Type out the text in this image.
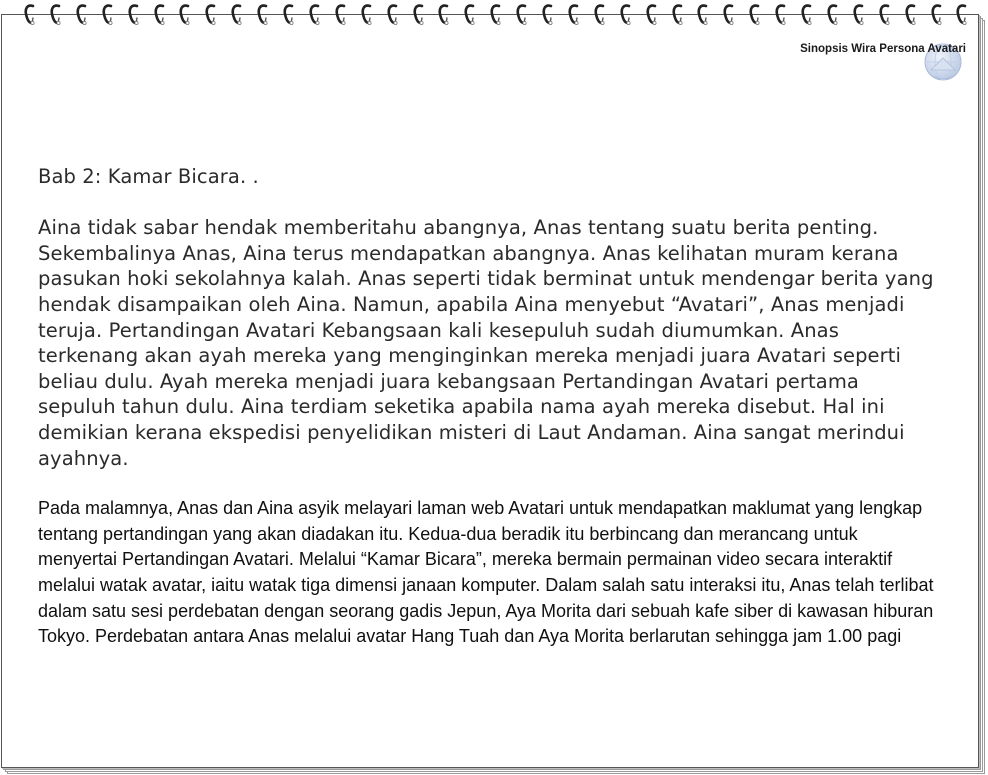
Sinopsis Wira Persona Avatari

Bab 2: Kamar Bicara. .

Aina tidak sabar hendak memberitahu abangnya, Anas tentang suatu berita penting. Sekembalinya Anas, Aina terus mendapatkan abangnya. Anas kelihatan muram kerana pasukan hoki sekolahnya kalah. Anas seperti tidak berminat untuk mendengar berita yang hendak disampaikan oleh Aina. Namun, apabila Aina menyebut “Avatari”, Anas menjadi teruja. Pertandingan Avatari Kebangsaan kali kesepuluh sudah diumumkan. Anas terkenang akan ayah mereka yang menginginkan mereka menjadi juara Avatari seperti beliau dulu. Ayah mereka menjadi juara kebangsaan Pertandingan Avatari pertama sepuluh tahun dulu. Aina terdiam seketika apabila nama ayah mereka disebut. Hal ini demikian kerana ekspedisi penyelidikan misteri di Laut Andaman. Aina sangat merindui ayahnya.

Pada malamnya, Anas dan Aina asyik melayari laman web Avatari untuk mendapatkan maklumat yang lengkap tentang pertandingan yang akan diadakan itu. Kedua-dua beradik itu berbincang dan merancang untuk menyertai Pertandingan Avatari. Melalui “Kamar Bicara”, mereka bermain permainan video secara interaktif melalui watak avatar, iaitu watak tiga dimensi janaan komputer. Dalam salah satu interaksi itu, Anas telah terlibat dalam satu sesi perdebatan dengan seorang gadis Jepun, Aya Morita dari sebuah kafe siber di kawasan hiburan Tokyo. Perdebatan antara Anas melalui avatar Hang Tuah dan Aya Morita berlarutan sehingga jam 1.00 pagi
